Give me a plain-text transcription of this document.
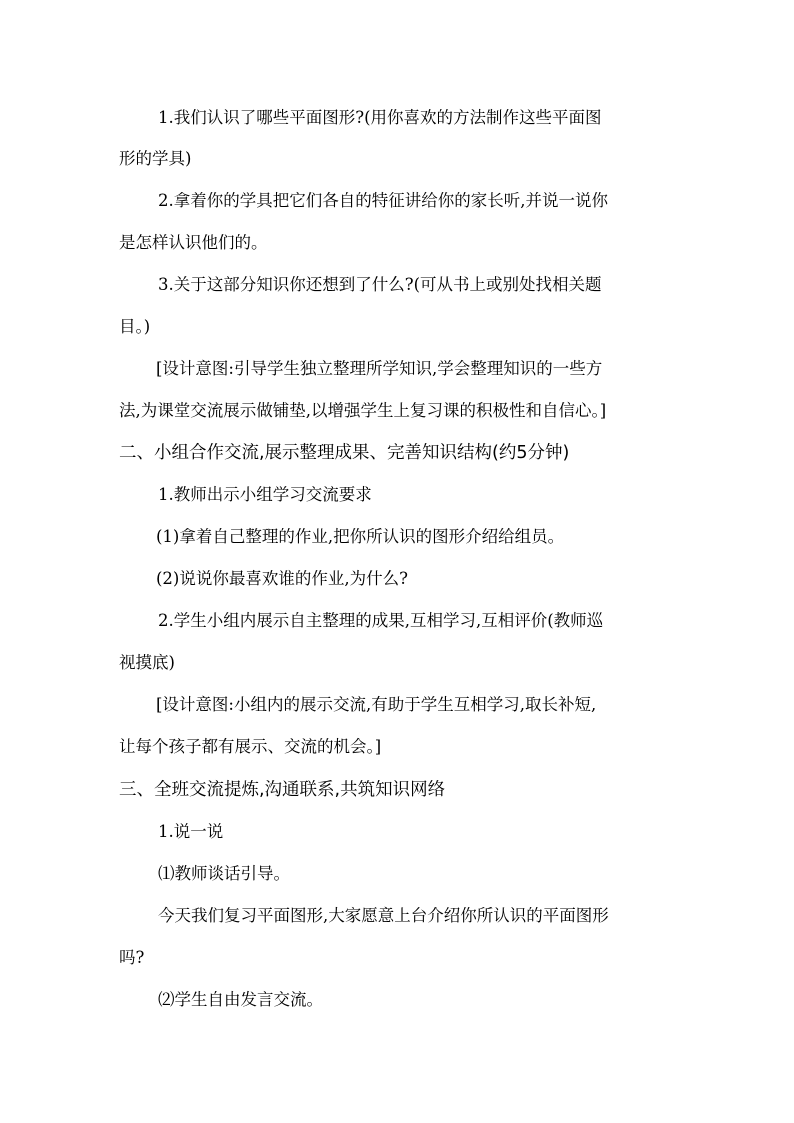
1.我们认识了哪些平面图形?(用你喜欢的方法制作这些平面图
形的学具)
2.拿着你的学具把它们各自的特征讲给你的家长听,并说一说你
是怎样认识他们的。
3.关于这部分知识你还想到了什么?(可从书上或别处找相关题
目。)
[设计意图:引导学生独立整理所学知识,学会整理知识的一些方
法,为课堂交流展示做铺垫,以增强学生上复习课的积极性和自信心。]
二、小组合作交流,展示整理成果、完善知识结构(约5分钟)
1.教师出示小组学习交流要求
(1)拿着自己整理的作业,把你所认识的图形介绍给组员。
(2)说说你最喜欢谁的作业,为什么?
2.学生小组内展示自主整理的成果,互相学习,互相评价(教师巡
视摸底)
[设计意图:小组内的展示交流,有助于学生互相学习,取长补短,
让每个孩子都有展示、交流的机会。]
三、全班交流提炼,沟通联系,共筑知识网络
1.说一说
⑴教师谈话引导。
今天我们复习平面图形,大家愿意上台介绍你所认识的平面图形
吗?
⑵学生自由发言交流。
